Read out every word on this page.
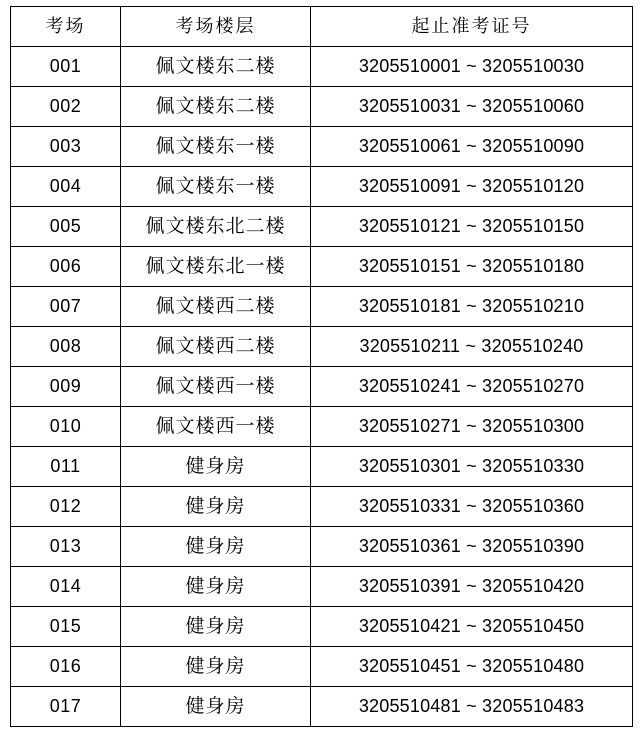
考场	考场楼层	起止准考证号
001	佩文楼东二楼	3205510001 ~ 3205510030
002	佩文楼东二楼	3205510031 ~ 3205510060
003	佩文楼东一楼	3205510061 ~ 3205510090
004	佩文楼东一楼	3205510091 ~ 3205510120
005	佩文楼东北二楼	3205510121 ~ 3205510150
006	佩文楼东北一楼	3205510151 ~ 3205510180
007	佩文楼西二楼	3205510181 ~ 3205510210
008	佩文楼西二楼	3205510211 ~ 3205510240
009	佩文楼西一楼	3205510241 ~ 3205510270
010	佩文楼西一楼	3205510271 ~ 3205510300
011	健身房	3205510301 ~ 3205510330
012	健身房	3205510331 ~ 3205510360
013	健身房	3205510361 ~ 3205510390
014	健身房	3205510391 ~ 3205510420
015	健身房	3205510421 ~ 3205510450
016	健身房	3205510451 ~ 3205510480
017	健身房	3205510481 ~ 3205510483
